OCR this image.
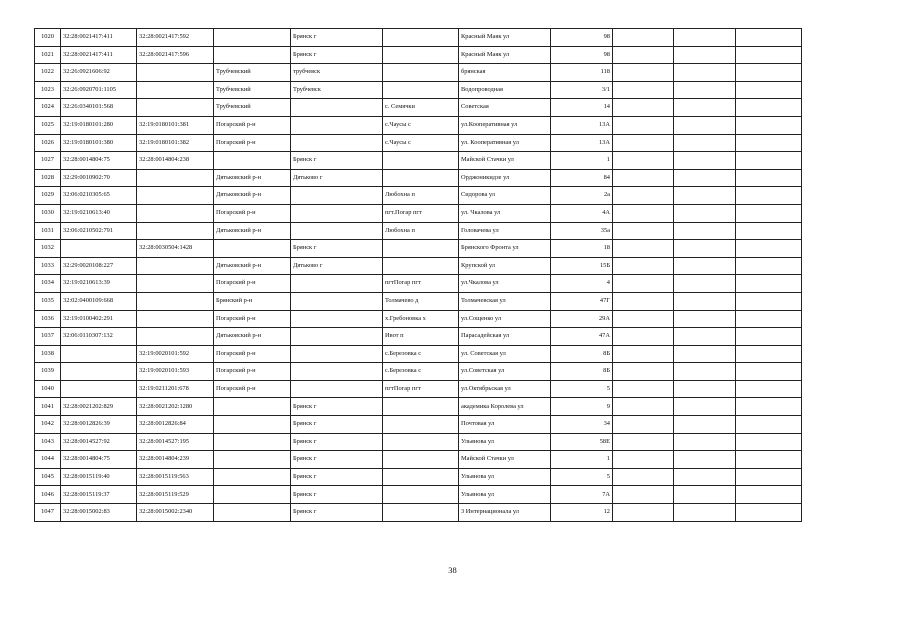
1020	32:28:0021417:411	32:28:0021417:592		Брянск г		Красный Маяк ул	98			
1021	32:28:0021417:411	32:28:0021417:596		Брянск г		Красный Маяк ул	98			
1022	32:26:0921606:92		Трубчевский	трубчевск		брянская	118			
1023	32:26:0920701:1105		Трубчевский	Трубчевск		Водопроводная	3/1			
1024	32:26:0340101:568		Трубчевский		с. Семячки	Советская	14			
1025	32:19:0180101:280	32:19:0180101:381	Погарский р-н		с.Чаусы с	ул.Кооперативная ул	13А			
1026	32:19:0180101:380	32:19:0180101:382	Погарский р-н		с.Чаусы с	ул. Кооперативная ул	13А			
1027	32:28:0014804:75	32:28:0014804:238		Брянск г		Майской Стачки ул	1			
1028	32:29:0010902:70		Дятьковский р-н	Дятьково г		Орджоникидзе ул	84			
1029	32:06:0210305:65		Дятьковский р-н		Любохна п	Сидорова ул	2а			
1030	32:19:0210613:40		Погарский р-н		пгт.Погар пгт	ул. Чкалова ул	4А			
1031	32:06:0210502:791		Дятьковский р-н		Любохна п	Головачева ул	35а			
1032		32:28:0030504:1428		Брянск г		Брянского Фронта ул	18			
1033	32:29:0020108:227		Дятьковский р-н	Дятьково г		Крупской ул	15Б			
1034	32:19:0210613:39		Погарский р-н		пгтПогар пгт	ул.Чкалова ул	4			
1035	32:02:0400109:668		Брянский р-н		Толмачево д	Толмачевская ул	47Г			
1036	32:19:0100402:291		Погарский р-н		х.Гребоновка х	ул.Сощенко ул	29А			
1037	32:06:0110307:132		Дятьковский р-н		Ивот п	Парасадейская ул	47А			
1038		32:19:0020101:592	Погарский р-н		с.Березовка с	ул. Советская ул	8Б			
1039		32:19:0020101:593	Погарский р-н		с.Березовка с	ул.Советская ул	8Б			
1040		32:19:0211201:678	Погарский р-н		пгтПогар пгт	ул.Октябрьская ул	5			
1041	32:28:0021202:829	32:28:0021202:1280		Брянск г		академика Королева ул	9			
1042	32:28:0012826:39	32:28:0012826:84		Брянск г		Почтовая ул	34			
1043	32:28:0014527:92	32:28:0014527:195		Брянск г		Ульянова ул	58Е			
1044	32:28:0014804:75	32:28:0014804:239		Брянск г		Майской Стачки ул	1			
1045	32:28:0015119:40	32:28:0015119:563		Брянск г		Ульянова ул	5			
1046	32:28:0015119:37	32:28:0015119:529		Брянск г		Ульянова ул	7А			
1047	32:28:0015002:83	32:28:0015002:2340		Брянск г		3 Интернационала ул	12			
38
